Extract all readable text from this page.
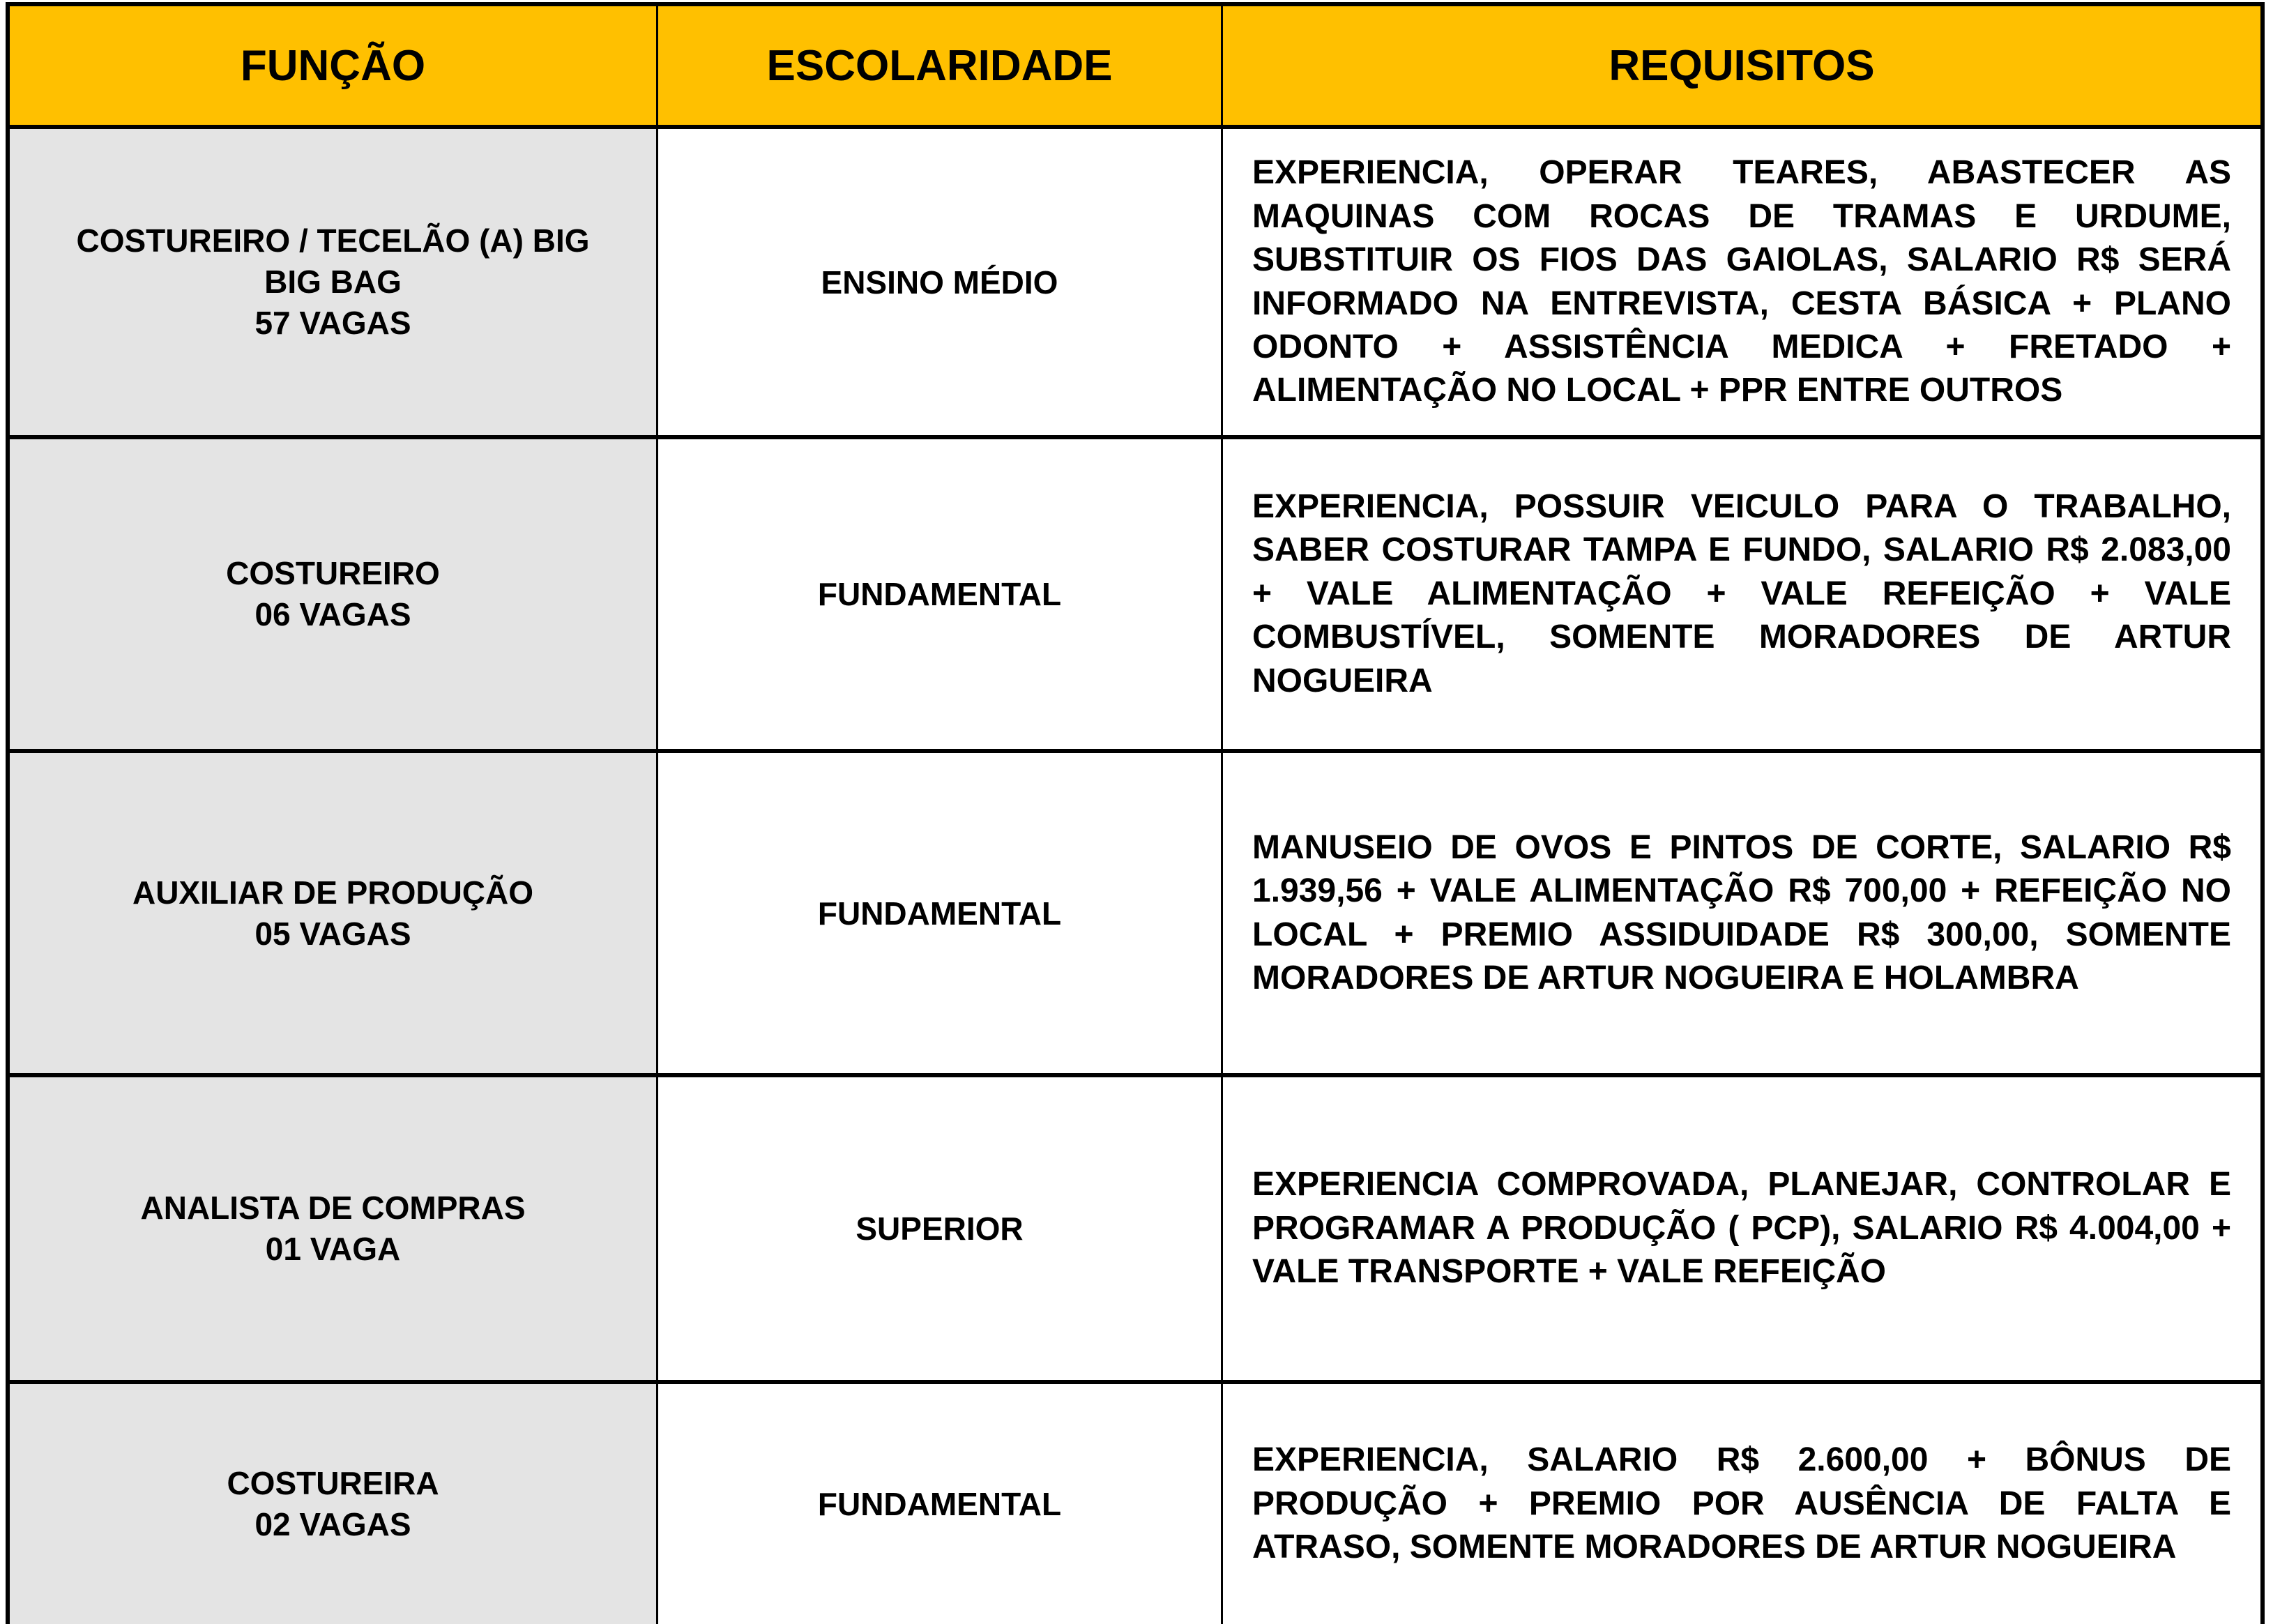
FUNÇÃO	ESCOLARIDADE	REQUISITOS
COSTUREIRO / TECELÃO (A) BIG BIG BAG
57 VAGAS
ENSINO MÉDIO
EXPERIENCIA, OPERAR TEARES, ABASTECER AS MAQUINAS COM ROCAS DE TRAMAS E URDUME, SUBSTITUIR OS FIOS DAS GAIOLAS, SALARIO R$ SERÁ INFORMADO NA ENTREVISTA, CESTA BÁSICA + PLANO ODONTO + ASSISTÊNCIA MEDICA + FRETADO + ALIMENTAÇÃO NO LOCAL + PPR ENTRE OUTROS
COSTUREIRO
06 VAGAS
FUNDAMENTAL
EXPERIENCIA, POSSUIR VEICULO PARA O TRABALHO, SABER COSTURAR TAMPA E FUNDO, SALARIO R$ 2.083,00 + VALE ALIMENTAÇÃO + VALE REFEIÇÃO + VALE COMBUSTÍVEL, SOMENTE MORADORES DE ARTUR NOGUEIRA
AUXILIAR DE PRODUÇÃO
05 VAGAS
FUNDAMENTAL
MANUSEIO DE OVOS E PINTOS DE CORTE, SALARIO R$ 1.939,56 + VALE ALIMENTAÇÃO R$ 700,00 + REFEIÇÃO NO LOCAL + PREMIO ASSIDUIDADE R$ 300,00, SOMENTE MORADORES DE ARTUR NOGUEIRA E HOLAMBRA
ANALISTA DE COMPRAS
01 VAGA
SUPERIOR
EXPERIENCIA COMPROVADA, PLANEJAR, CONTROLAR E PROGRAMAR A PRODUÇÃO ( PCP), SALARIO R$ 4.004,00 + VALE TRANSPORTE + VALE REFEIÇÃO
COSTUREIRA
02 VAGAS
FUNDAMENTAL
EXPERIENCIA, SALARIO R$ 2.600,00 + BÔNUS DE PRODUÇÃO + PREMIO POR AUSÊNCIA DE FALTA E ATRASO, SOMENTE MORADORES DE ARTUR NOGUEIRA
